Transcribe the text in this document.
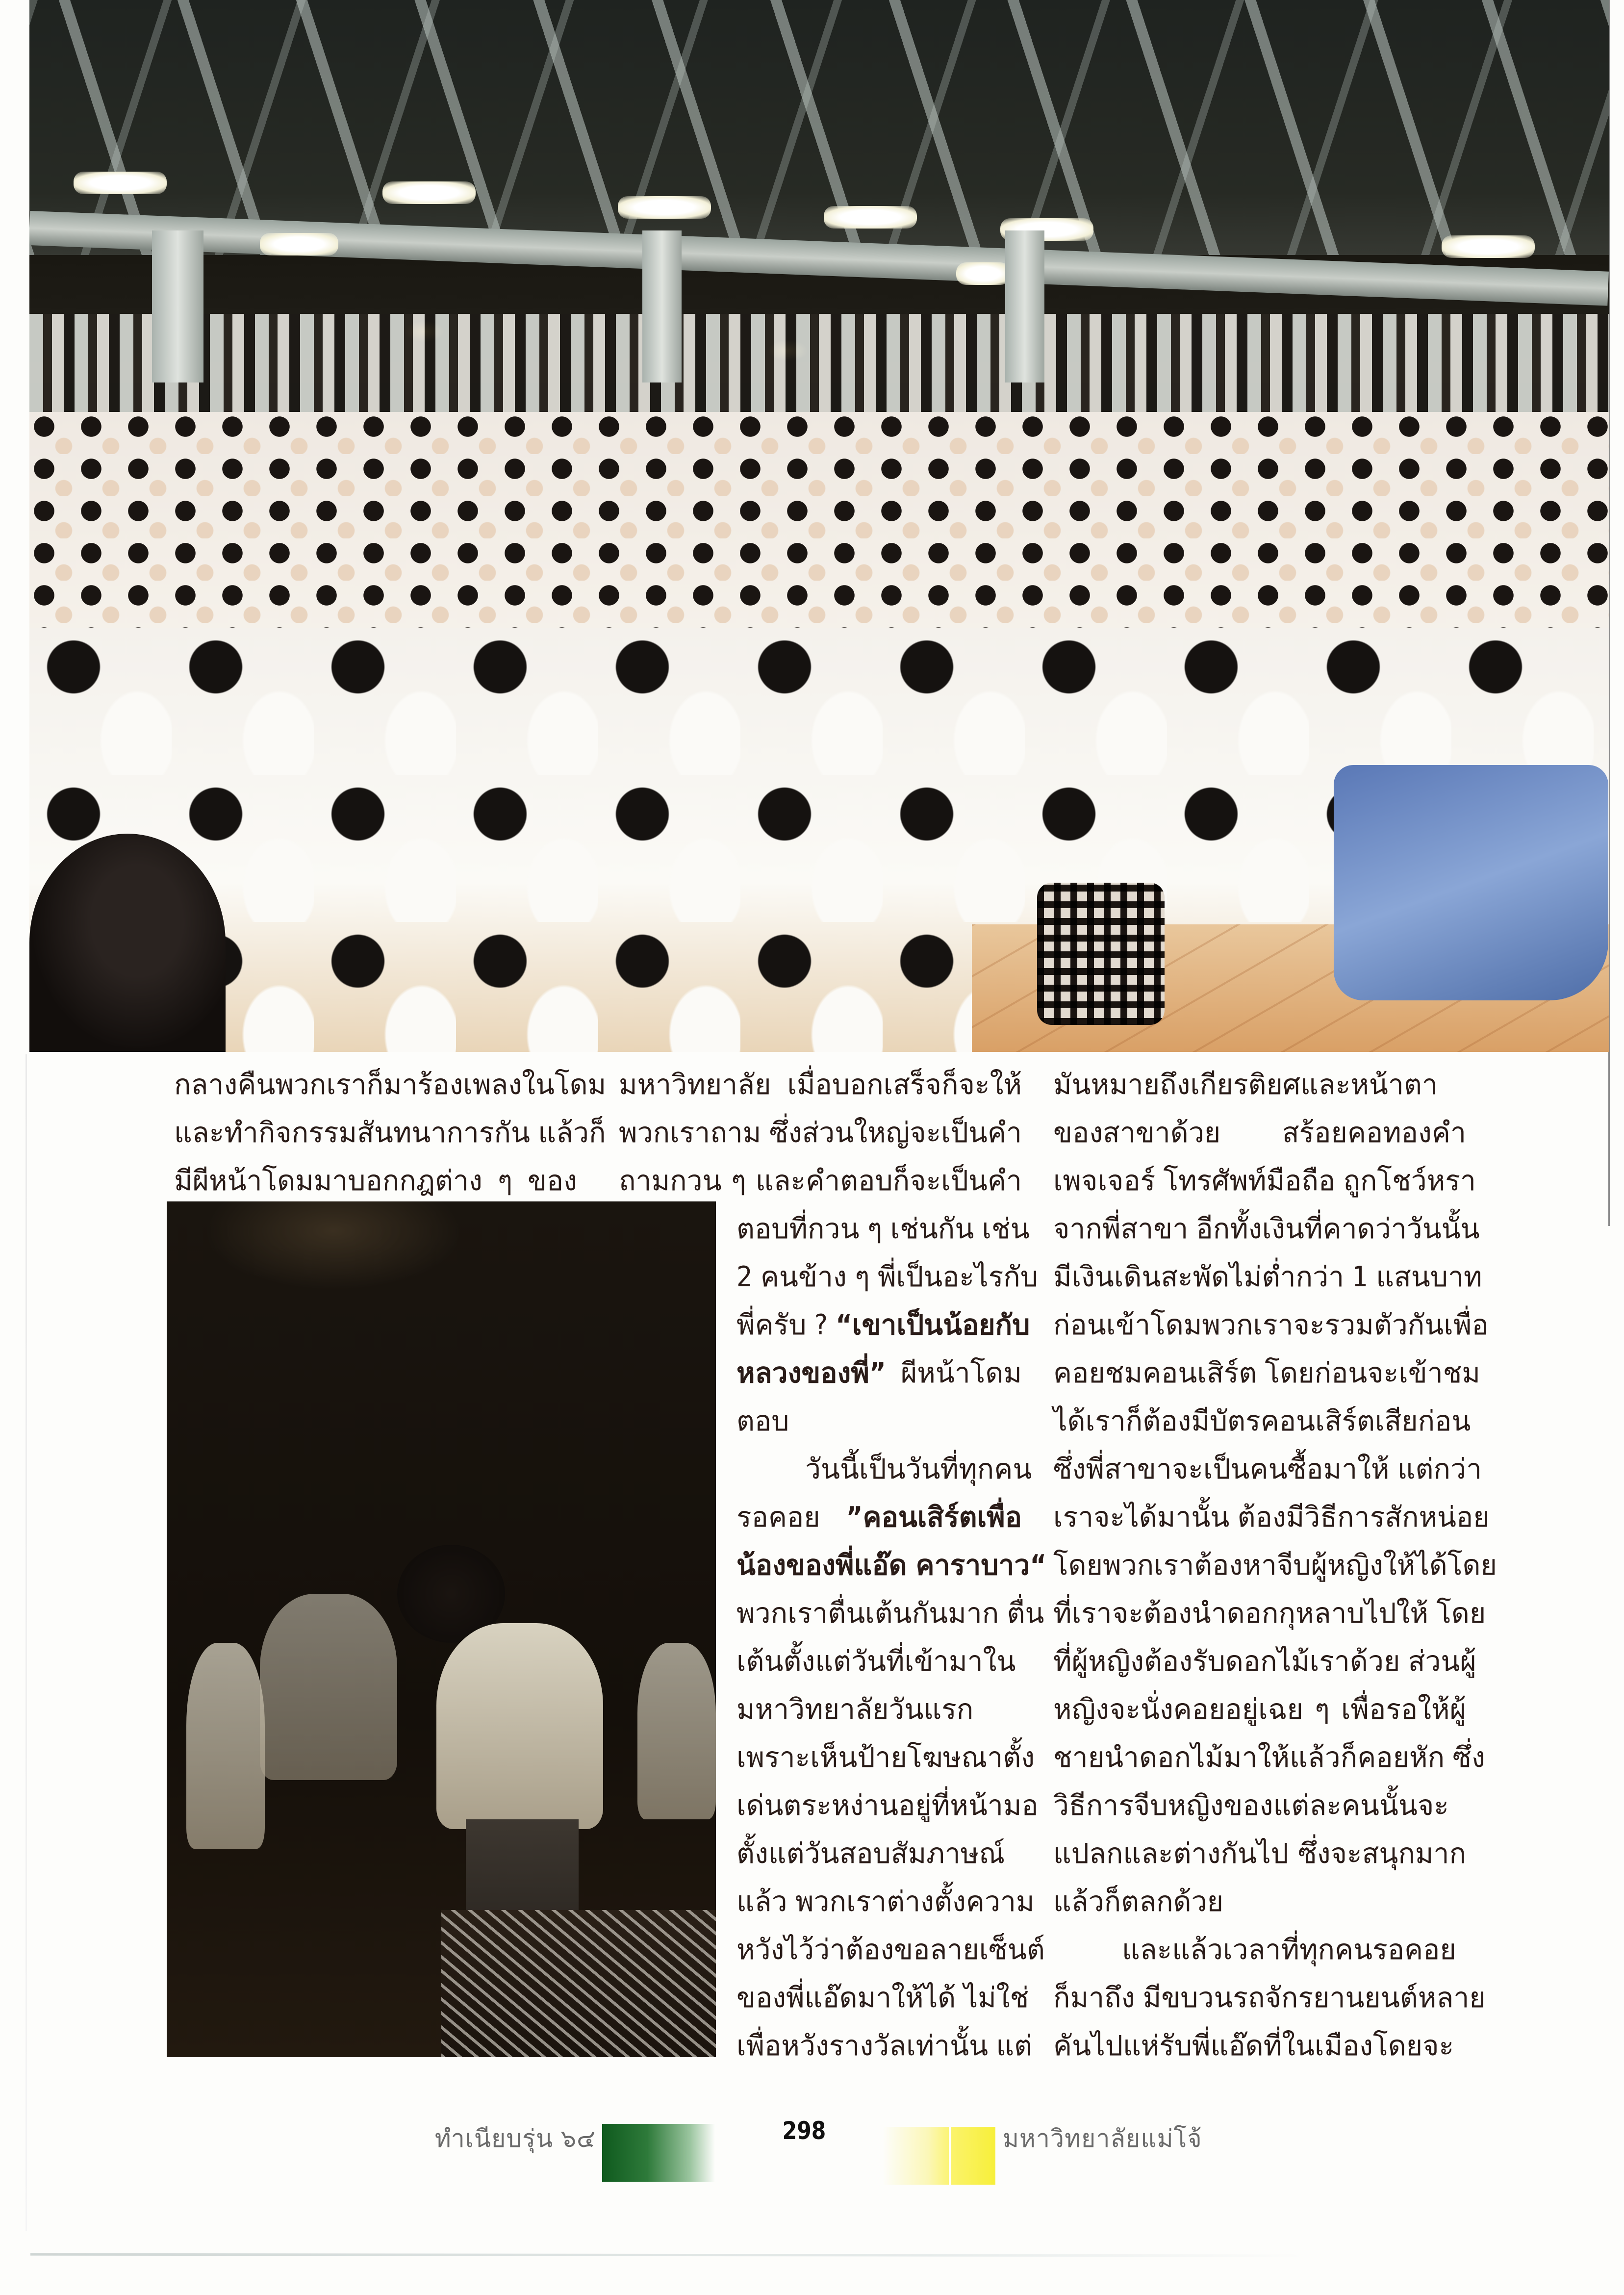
กลางคืนพวกเราก็มาร้องเพลงในโดม
และทำกิจกรรมสันทนาการกัน แล้วก็
มีผีหน้าโดมมาบอกกฎต่าง ๆ ของ
มหาวิทยาลัย เมื่อบอกเสร็จก็จะให้
พวกเราถาม ซึ่งส่วนใหญ่จะเป็นคำ
ถามกวน ๆ และคำตอบก็จะเป็นคำ
ตอบที่กวน ๆ เช่นกัน เช่น
2 คนข้าง ๆ พี่เป็นอะไรกับ
พี่ครับ ? “เขาเป็นน้อยกับ
หลวงของพี่” ผีหน้าโดม
ตอบ
วันนี้เป็นวันที่ทุกคน
รอคอย ”คอนเสิร์ตเพื่อ
น้องของพี่แอ๊ด คาราบาว“
พวกเราตื่นเต้นกันมาก ตื่น
เต้นตั้งแต่วันที่เข้ามาใน
มหาวิทยาลัยวันแรก
เพราะเห็นป้ายโฆษณาตั้ง
เด่นตระหง่านอยู่ที่หน้ามอ
ตั้งแต่วันสอบสัมภาษณ์
แล้ว พวกเราต่างตั้งความ
หวังไว้ว่าต้องขอลายเซ็นต์
ของพี่แอ๊ดมาให้ได้ ไม่ใช่
เพื่อหวังรางวัลเท่านั้น แต่
มันหมายถึงเกียรติยศและหน้าตา
ของสาขาด้วย สร้อยคอทองคำ
เพจเจอร์ โทรศัพท์มือถือ ถูกโชว์หรา
จากพี่สาขา อีกทั้งเงินที่คาดว่าวันนั้น
มีเงินเดินสะพัดไม่ต่ำกว่า 1 แสนบาท
ก่อนเข้าโดมพวกเราจะรวมตัวกันเพื่อ
คอยชมคอนเสิร์ต โดยก่อนจะเข้าชม
ได้เราก็ต้องมีบัตรคอนเสิร์ตเสียก่อน
ซึ่งพี่สาขาจะเป็นคนซื้อมาให้ แต่กว่า
เราจะได้มานั้น ต้องมีวิธีการสักหน่อย
โดยพวกเราต้องหาจีบผู้หญิงให้ได้โดย
ที่เราจะต้องนำดอกกุหลาบไปให้ โดย
ที่ผู้หญิงต้องรับดอกไม้เราด้วย ส่วนผู้
หญิงจะนั่งคอยอยู่เฉย ๆ เพื่อรอให้ผู้
ชายนำดอกไม้มาให้แล้วก็คอยหัก ซึ่ง
วิธีการจีบหญิงของแต่ละคนนั้นจะ
แปลกและต่างกันไป ซึ่งจะสนุกมาก
แล้วก็ตลกด้วย
และแล้วเวลาที่ทุกคนรอคอย
ก็มาถึง มีขบวนรถจักรยานยนต์หลาย
คันไปแห่รับพี่แอ๊ดที่ในเมืองโดยจะ
ทำเนียบรุ่น ๖๔	298	มหาวิทยาลัยแม่โจ้
